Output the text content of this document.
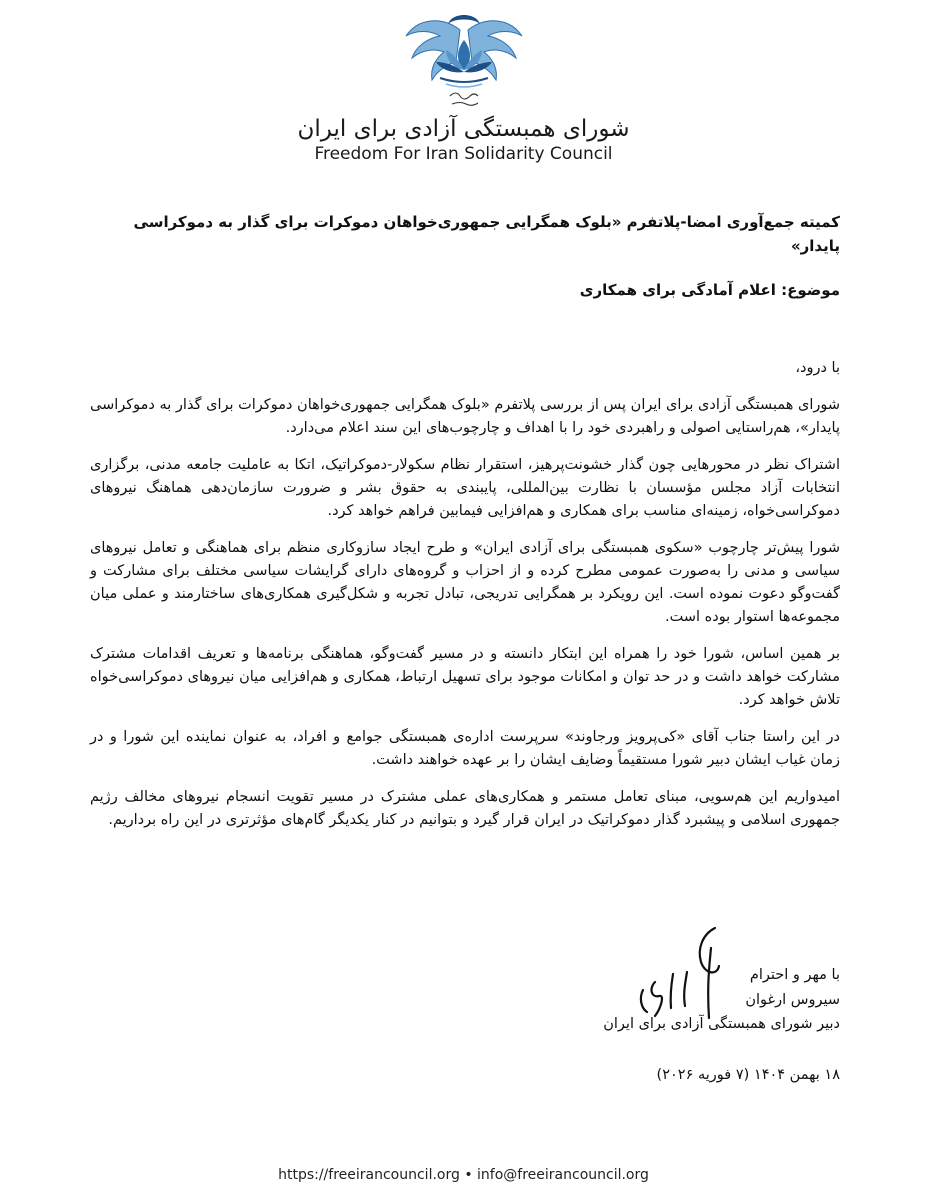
شورای همبستگی آزادی برای ایران
Freedom For Iran Solidarity Council

کمیته جمع‌آوری امضا-پلاتفرم «بلوک همگرایی جمهوری‌خواهان دموکرات برای گذار به دموکراسی پایدار»

موضوع: اعلام آمادگی برای همکاری

با درود،

شورای همبستگی آزادی برای ایران پس از بررسی پلاتفرم «بلوک همگرایی جمهوری‌خواهان دموکرات برای گذار به دموکراسی پایدار»، هم‌راستایی اصولی و راهبردی خود را با اهداف و چارچوب‌های این سند اعلام می‌دارد.

اشتراک نظر در محورهایی چون گذار خشونت‌پرهیز، استقرار نظام سکولار-دموکراتیک، اتکا به عاملیت جامعه مدنی، برگزاری انتخابات آزاد مجلس مؤسسان با نظارت بین‌المللی، پایبندی به حقوق بشر و ضرورت سازمان‌دهی هماهنگ نیروهای دموکراسی‌خواه، زمینه‌ای مناسب برای همکاری و هم‌افزایی فیمابین فراهم خواهد کرد.

شورا پیش‌تر چارچوب «سکوی همبستگی برای آزادی ایران» و طرح ایجاد سازوکاری منظم برای هماهنگی و تعامل نیروهای سیاسی و مدنی را به‌صورت عمومی مطرح کرده و از احزاب و گروه‌های دارای گرایشات سیاسی مختلف برای مشارکت و گفت‌وگو دعوت نموده است. این رویکرد بر همگرایی تدریجی، تبادل تجربه و شکل‌گیری همکاری‌های ساختارمند و عملی میان مجموعه‌ها استوار بوده است.

بر همین اساس، شورا خود را همراه این ابتکار دانسته و در مسیر گفت‌وگو، هماهنگی برنامه‌ها و تعریف اقدامات مشترک مشارکت خواهد داشت و در حد توان و امکانات موجود برای تسهیل ارتباط، همکاری و هم‌افزایی میان نیروهای دموکراسی‌خواه تلاش خواهد کرد.

در این راستا جناب آقای «کی‌پرویز ورجاوند» سرپرست اداره‌ی همبستگی جوامع و افراد، به عنوان نماینده این شورا و در زمان غیاب ایشان دبیر شورا مستقیماً وضایف ایشان را بر عهده خواهند داشت.

امیدواریم این هم‌سویی، مبنای تعامل مستمر و همکاری‌های عملی مشترک در مسیر تقویت انسجام نیروهای مخالف رژیم جمهوری اسلامی و پیشبرد گذار دموکراتیک در ایران قرار گیرد و بتوانیم در کنار یکدیگر گام‌های مؤثرتری در این راه برداریم.

با مهر و احترام
سیروس ارغوان
دبیر شورای همبستگی آزادی برای ایران
۱۸ بهمن ۱۴۰۴ (۷ فوریه ۲۰۲۶)
https://freeirancouncil.org • info@freeirancouncil.org
